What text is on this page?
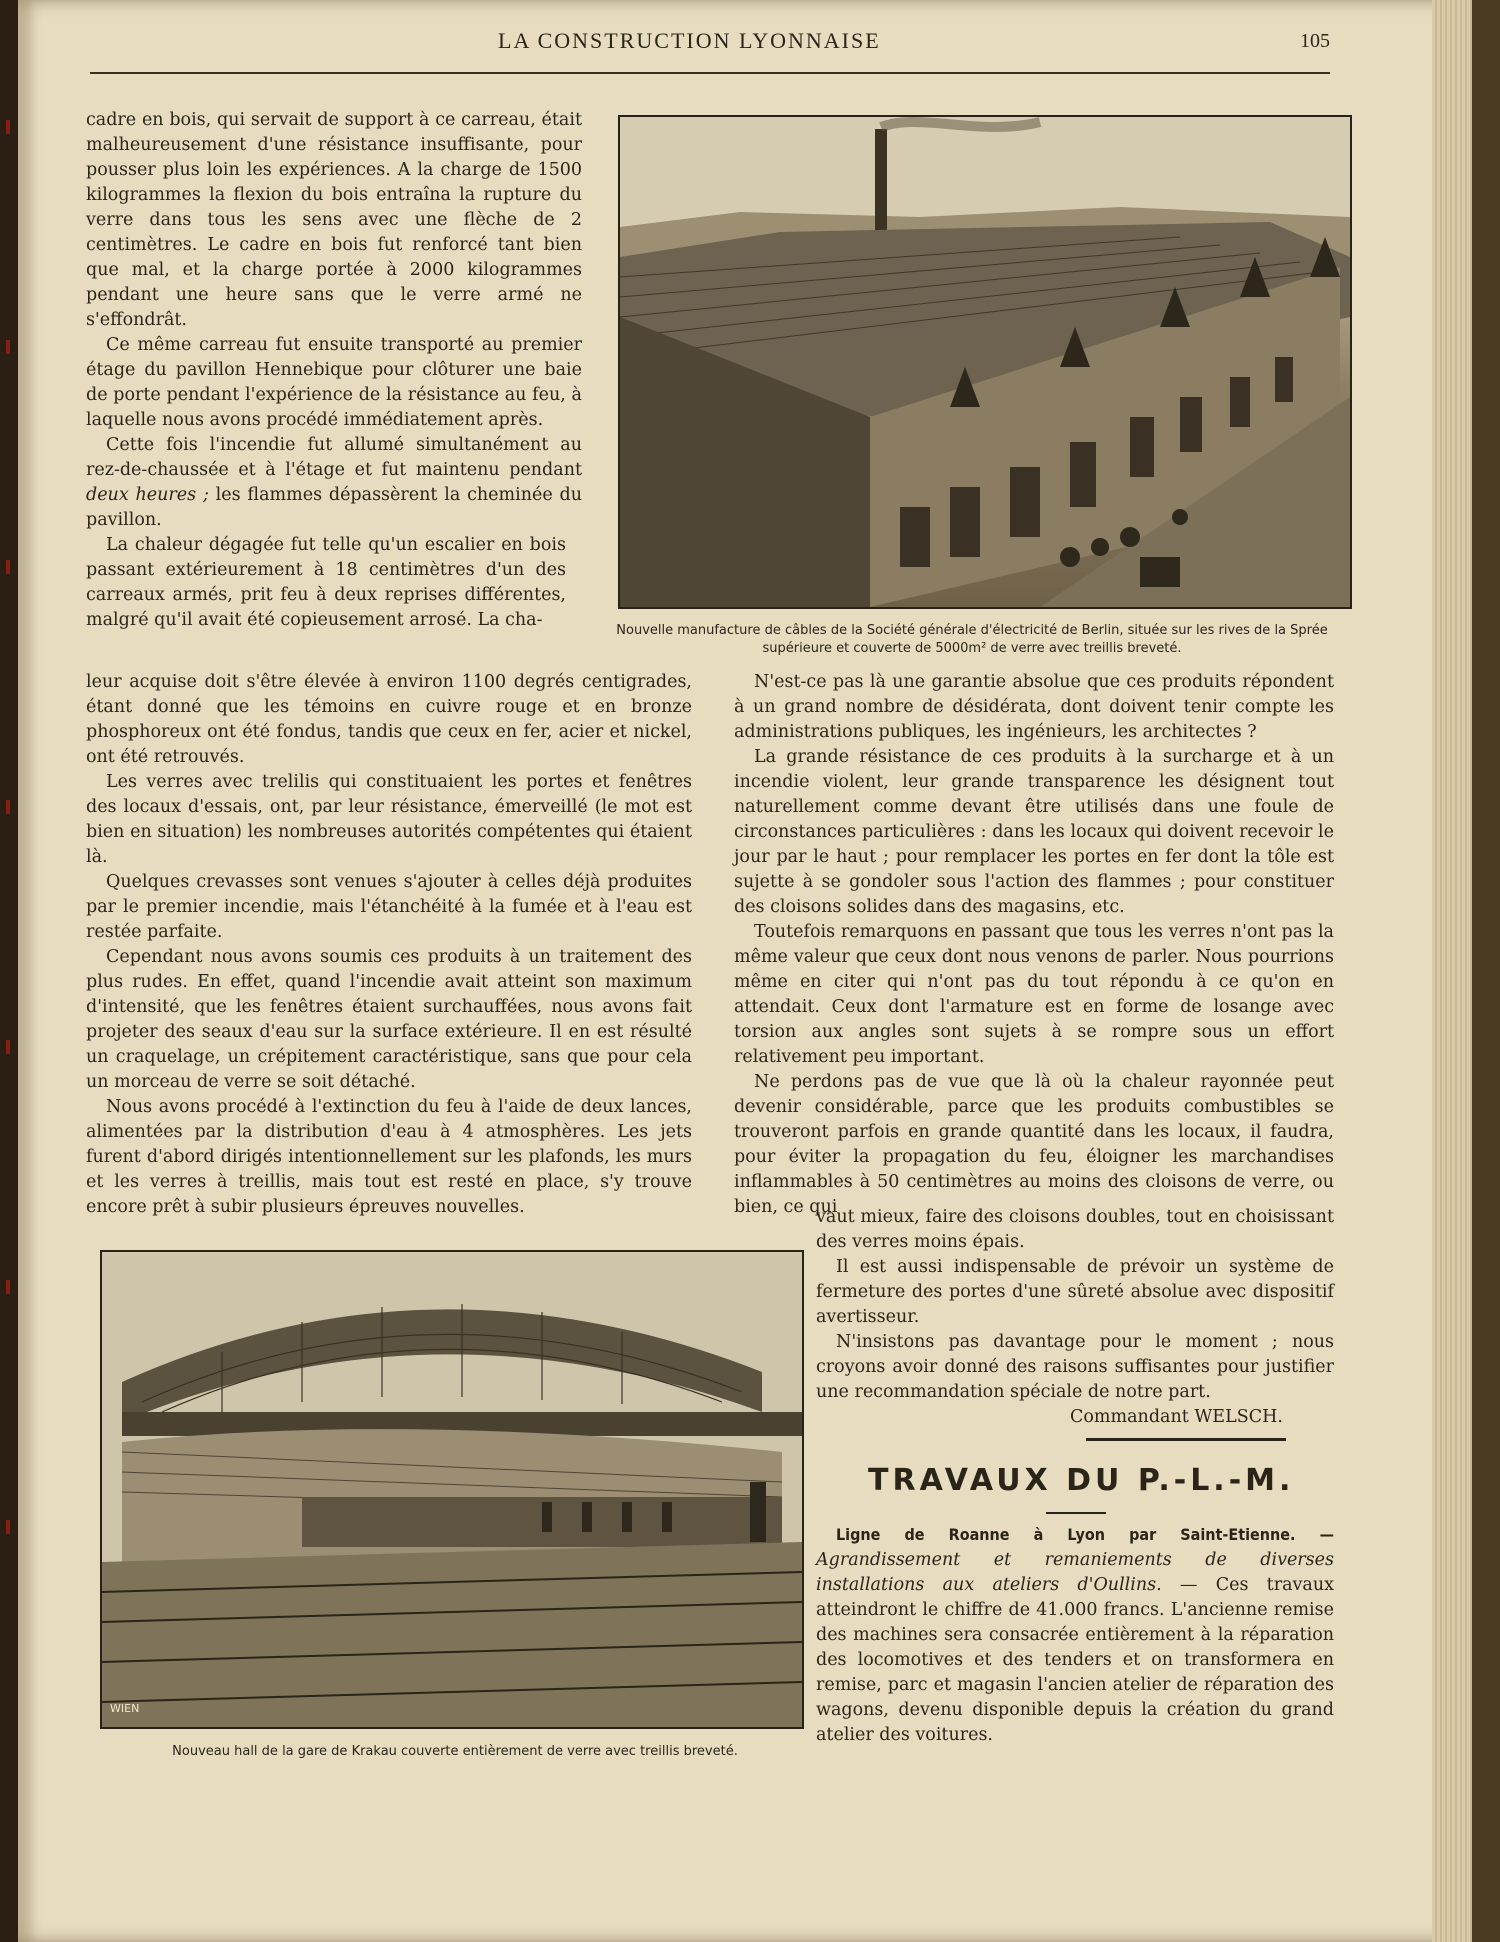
LA CONSTRUCTION LYONNAISE	105

cadre en bois, qui servait de support à ce carreau, était malheureusement d'une résistance insuffisante, pour pousser plus loin les expériences. A la charge de 1500 kilogrammes la flexion du bois entraîna la rupture du verre dans tous les sens avec une flèche de 2 centimètres. Le cadre en bois fut renforcé tant bien que mal, et la charge portée à 2000 kilogrammes pendant une heure sans que le verre armé ne s'effondrât.

Ce même carreau fut ensuite transporté au premier étage du pavillon Hennebique pour clôturer une baie de porte pendant l'expérience de la résistance au feu, à laquelle nous avons procédé immédiatement après.

Cette fois l'incendie fut allumé simultanément au rez-de-chaussée et à l'étage et fut maintenu pendant deux heures ; les flammes dépassèrent la cheminée du pavillon.

La chaleur dégagée fut telle qu'un escalier en bois passant extérieurement à 18 centimètres d'un des carreaux armés, prit feu à deux reprises différentes, malgré qu'il avait été copieusement arrosé. La cha-

Nouvelle manufacture de câbles de la Société générale d'électricité de Berlin, située sur les rives de la Sprée supérieure et couverte de 5000m² de verre avec treillis breveté.

leur acquise doit s'être élevée à environ 1100 degrés centigrades, étant donné que les témoins en cuivre rouge et en bronze phosphoreux ont été fondus, tandis que ceux en fer, acier et nickel, ont été retrouvés.

Les verres avec trelilis qui constituaient les portes et fenêtres des locaux d'essais, ont, par leur résistance, émerveillé (le mot est bien en situation) les nombreuses autorités compétentes qui étaient là.

Quelques crevasses sont venues s'ajouter à celles déjà produites par le premier incendie, mais l'étanchéité à la fumée et à l'eau est restée parfaite.

Cependant nous avons soumis ces produits à un traitement des plus rudes. En effet, quand l'incendie avait atteint son maximum d'intensité, que les fenêtres étaient surchauffées, nous avons fait projeter des seaux d'eau sur la surface extérieure. Il en est résulté un craquelage, un crépitement caractéristique, sans que pour cela un morceau de verre se soit détaché.

Nous avons procédé à l'extinction du feu à l'aide de deux lances, alimentées par la distribution d'eau à 4 atmosphères. Les jets furent d'abord dirigés intentionnellement sur les plafonds, les murs et les verres à treillis, mais tout est resté en place, s'y trouve encore prêt à subir plusieurs épreuves nouvelles.

N'est-ce pas là une garantie absolue que ces produits répondent à un grand nombre de désidérata, dont doivent tenir compte les administrations publiques, les ingénieurs, les architectes ?

La grande résistance de ces produits à la surcharge et à un incendie violent, leur grande transparence les désignent tout naturellement comme devant être utilisés dans une foule de circonstances particulières : dans les locaux qui doivent recevoir le jour par le haut ; pour remplacer les portes en fer dont la tôle est sujette à se gondoler sous l'action des flammes ; pour constituer des cloisons solides dans des magasins, etc.

Toutefois remarquons en passant que tous les verres n'ont pas la même valeur que ceux dont nous venons de parler. Nous pourrions même en citer qui n'ont pas du tout répondu à ce qu'on en attendait. Ceux dont l'armature est en forme de losange avec torsion aux angles sont sujets à se rompre sous un effort relativement peu important.

Ne perdons pas de vue que là où la chaleur rayonnée peut devenir considérable, parce que les produits combustibles se trouveront parfois en grande quantité dans les locaux, il faudra, pour éviter la propagation du feu, éloigner les marchandises inflammables à 50 centimètres au moins des cloisons de verre, ou bien, ce qui

vaut mieux, faire des cloisons doubles, tout en choisissant des verres moins épais.

Il est aussi indispensable de prévoir un système de fermeture des portes d'une sûreté absolue avec dispositif avertisseur.

N'insistons pas davantage pour le moment ; nous croyons avoir donné des raisons suffisantes pour justifier une recommandation spéciale de notre part.

Commandant WELSCH.
WIEN
Nouveau hall de la gare de Krakau couverte entièrement de verre avec treillis breveté.
TRAVAUX DU P.-L.-M.

Ligne de Roanne à Lyon par Saint-Etienne. — Agrandissement et remaniements de diverses installations aux ateliers d'Oullins. — Ces travaux atteindront le chiffre de 41.000 francs. L'ancienne remise des machines sera consacrée entièrement à la réparation des locomotives et des tenders et on transformera en remise, parc et magasin l'ancien atelier de réparation des wagons, devenu disponible depuis la création du grand atelier des voitures.
